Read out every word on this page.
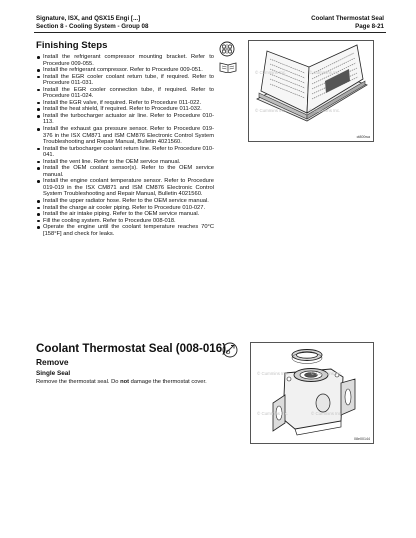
Signature, ISX, and QSX15 Engi [...]
Section 8 - Cooling System - Group 08
Coolant Thermostat Seal
Page 8-21
Finishing Steps
Install the refrigerant compressor mounting bracket. Refer to Procedure 009-055.
Install the refrigerant compressor. Refer to Procedure 009-051.
Install the EGR cooler coolant return tube, if required. Refer to Procedure 011-031.
Install the EGR cooler connection tube, if required. Refer to Procedure 011-024.
Install the EGR valve, if required. Refer to Procedure 011-022.
Install the heat shield, If required. Refer to Procedure 011-032.
Install the turbocharger actuator air line. Refer to Procedure 010-113.
Install the exhaust gas pressure sensor. Refer to Procedure 019-376 in the ISX CM871 and ISM CM876 Electronic Control System Troubleshooting and Repair Manual, Bulletin 4021560.
Install the turbocharger coolant return line. Refer to Procedure 010-041.
Install the vent line. Refer to the OEM service manual.
Install the OEM coolant sensor(s). Refer to the OEM service manual.
Install the engine coolant temperature sensor. Refer to Procedure 019-019 in the ISX CM871 and ISM CM876 Electronic Control System Troubleshooting and Repair Manual, Bulletin 4021560.
Install the upper radiator hose. Refer to the OEM service manual.
Install the charge air cooler piping. Refer to Procedure 010-027.
Install the air intake piping. Refer to the OEM service manual.
Fill the cooling system. Refer to Procedure 008-018.
Operate the engine until the coolant temperature reaches 70°C [158°F] and check for leaks.
© Cummins Inc.	© Cummins Inc.
© Cummins Inc.	© Cummins Inc.
ct800wa
Coolant Thermostat Seal (008-016)
Remove
Single Seal
Remove the thermostat seal. Do not damage the thermostat cover.
© Cummins Inc.	© Cummins Inc.
© Cummins Inc.	© Cummins Inc.
08e00144
